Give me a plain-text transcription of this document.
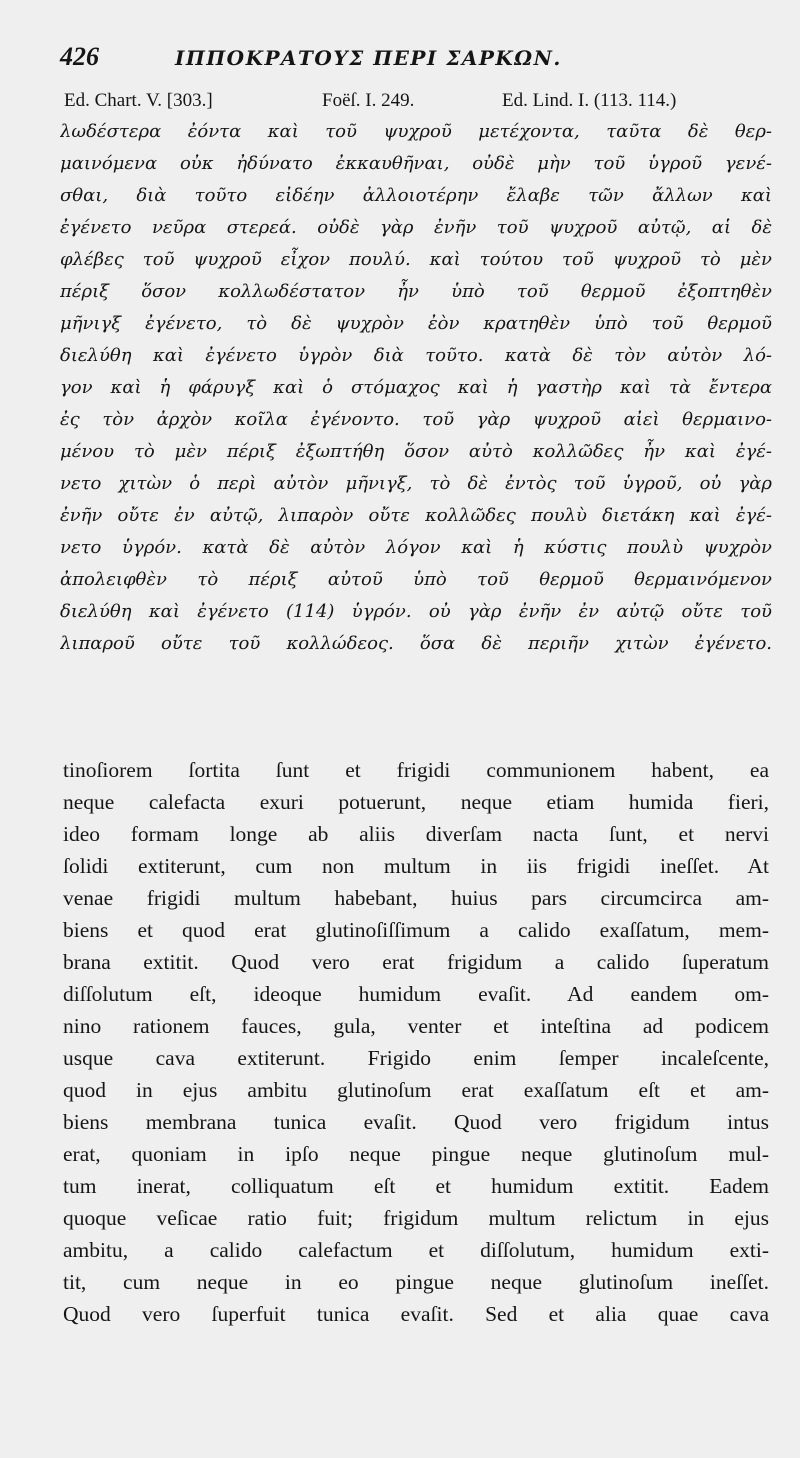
426	ΙΠΠΟΚΡΑΤΟΥΣ ΠΕΡΙ ΣΑΡΚΩΝ.
Ed. Chart. V. [303.]	Foëſ. I. 249.	Ed. Lind. I. (113. 114.)
λωδέστερα ἐόντα καὶ τοῦ ψυχροῦ μετέχοντα, ταῦτα δὲ θερ-
μαινόμενα οὐκ ἠδύνατο ἐκκαυθῆναι, οὐδὲ μὴν τοῦ ὑγροῦ γενέ-
σθαι, διὰ τοῦτο εἰδέην ἀλλοιοτέρην ἔλαβε τῶν ἄλλων καὶ
ἐγένετο νεῦρα στερεά. οὐδὲ γὰρ ἐνῆν τοῦ ψυχροῦ αὐτῷ, αἱ δὲ
φλέβες τοῦ ψυχροῦ εἶχον πουλύ. καὶ τούτου τοῦ ψυχροῦ τὸ μὲν
πέριξ ὅσον κολλωδέστατον ἦν ὑπὸ τοῦ θερμοῦ ἐξοπτηθὲν
μῆνιγξ ἐγένετο, τὸ δὲ ψυχρὸν ἐὸν κρατηθὲν ὑπὸ τοῦ θερμοῦ
διελύθη καὶ ἐγένετο ὑγρὸν διὰ τοῦτο. κατὰ δὲ τὸν αὐτὸν λό-
γον καὶ ἡ φάρυγξ καὶ ὁ στόμαχος καὶ ἡ γαστὴρ καὶ τὰ ἔντερα
ἐς τὸν ἀρχὸν κοῖλα ἐγένοντο. τοῦ γὰρ ψυχροῦ αἰεὶ θερμαινο-
μένου τὸ μὲν πέριξ ἐξωπτήθη ὅσον αὐτὸ κολλῶδες ἦν καὶ ἐγέ-
νετο χιτὼν ὁ περὶ αὐτὸν μῆνιγξ, τὸ δὲ ἐντὸς τοῦ ὑγροῦ, οὐ γὰρ
ἐνῆν οὔτε ἐν αὐτῷ, λιπαρὸν οὔτε κολλῶδες πουλὺ διετάκη καὶ ἐγέ-
νετο ὑγρόν. κατὰ δὲ αὐτὸν λόγον καὶ ἡ κύστις πουλὺ ψυχρὸν
ἀπολειφθὲν τὸ πέριξ αὐτοῦ ὑπὸ τοῦ θερμοῦ θερμαινόμενον
διελύθη καὶ ἐγένετο (114) ὑγρόν. οὐ γὰρ ἐνῆν ἐν αὐτῷ οὔτε τοῦ
λιπαροῦ οὔτε τοῦ κολλώδεος. ὅσα δὲ περιῆν χιτὼν ἐγένετο.
tinoſiorem ſortita ſunt et frigidi communionem habent, ea
neque calefacta exuri potuerunt, neque etiam humida fieri,
ideo formam longe ab aliis diverſam nacta ſunt, et nervi
ſolidi extiterunt, cum non multum in iis frigidi ineſſet. At
venae frigidi multum habebant, huius pars circumcirca am-
biens et quod erat glutinoſiſſimum a calido exaſſatum, mem-
brana extitit. Quod vero erat frigidum a calido ſuperatum
diſſolutum eſt, ideoque humidum evaſit. Ad eandem om-
nino rationem fauces, gula, venter et inteſtina ad podicem
usque cava extiterunt. Frigido enim ſemper incaleſcente,
quod in ejus ambitu glutinoſum erat exaſſatum eſt et am-
biens membrana tunica evaſit. Quod vero frigidum intus
erat, quoniam in ipſo neque pingue neque glutinoſum mul-
tum inerat, colliquatum eſt et humidum extitit. Eadem
quoque veſicae ratio fuit; frigidum multum relictum in ejus
ambitu, a calido calefactum et diſſolutum, humidum exti-
tit, cum neque in eo pingue neque glutinoſum ineſſet.
Quod vero ſuperfuit tunica evaſit. Sed et alia quae cava
